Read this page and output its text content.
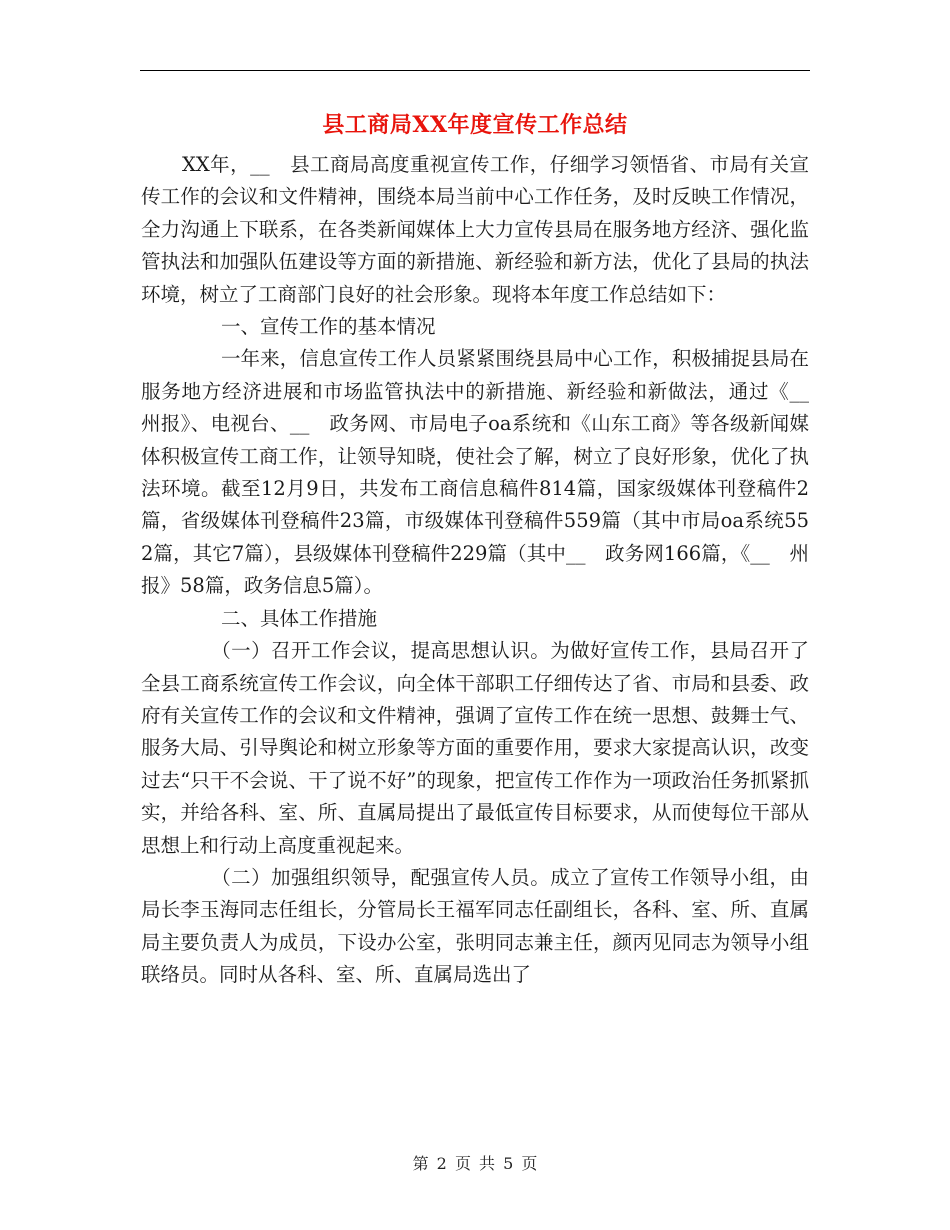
县工商局XX年度宣传工作总结

XX年，__　县工商局高度重视宣传工作，仔细学习领悟省、市局有关宣传工作的会议和文件精神，围绕本局当前中心工作任务，及时反映工作情况，全力沟通上下联系，在各类新闻媒体上大力宣传县局在服务地方经济、强化监管执法和加强队伍建设等方面的新措施、新经验和新方法，优化了县局的执法环境，树立了工商部门良好的社会形象。现将本年度工作总结如下：

一、宣传工作的基本情况

一年来，信息宣传工作人员紧紧围绕县局中心工作，积极捕捉县局在服务地方经济进展和市场监管执法中的新措施、新经验和新做法，通过《__　州报》、电视台、__　政务网、市局电子oa系统和《山东工商》等各级新闻媒体积极宣传工商工作，让领导知晓，使社会了解，树立了良好形象，优化了执法环境。截至12月9日，共发布工商信息稿件814篇，国家级媒体刊登稿件2篇，省级媒体刊登稿件23篇，市级媒体刊登稿件559篇（其中市局oa系统552篇，其它7篇），县级媒体刊登稿件229篇（其中__　政务网166篇，《__　州报》58篇，政务信息5篇）。

二、具体工作措施

（一）召开工作会议，提高思想认识。为做好宣传工作，县局召开了全县工商系统宣传工作会议，向全体干部职工仔细传达了省、市局和县委、政府有关宣传工作的会议和文件精神，强调了宣传工作在统一思想、鼓舞士气、服务大局、引导舆论和树立形象等方面的重要作用，要求大家提高认识，改变过去“只干不会说、干了说不好”的现象，把宣传工作作为一项政治任务抓紧抓实，并给各科、室、所、直属局提出了最低宣传目标要求，从而使每位干部从思想上和行动上高度重视起来。

（二）加强组织领导，配强宣传人员。成立了宣传工作领导小组，由局长李玉海同志任组长，分管局长王福军同志任副组长，各科、室、所、直属局主要负责人为成员，下设办公室，张明同志兼主任，颜丙见同志为领导小组联络员。同时从各科、室、所、直属局选出了

第 2 页 共 5 页
